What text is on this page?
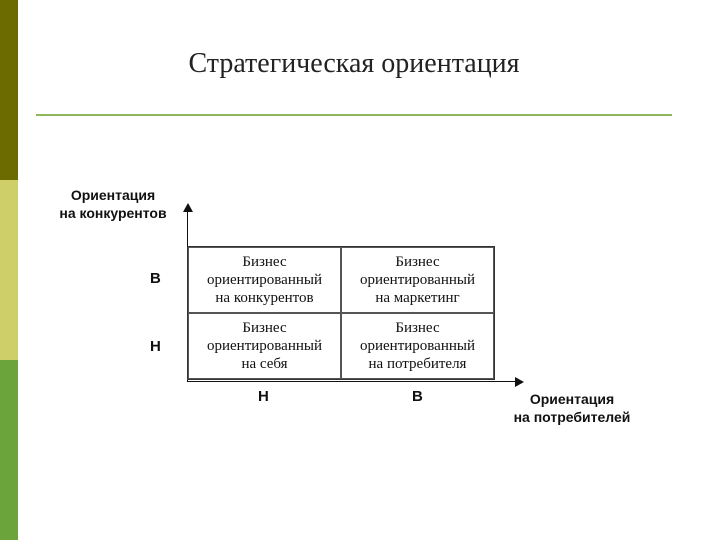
Стратегическая ориентация
Ориентация
на конкурентов
В
Н
Бизнес
ориентированный
на конкурентов
Бизнес
ориентированный
на маркетинг
Бизнес
ориентированный
на себя
Бизнес
ориентированный
на потребителя
Н	В	Ориентация
на потребителей
